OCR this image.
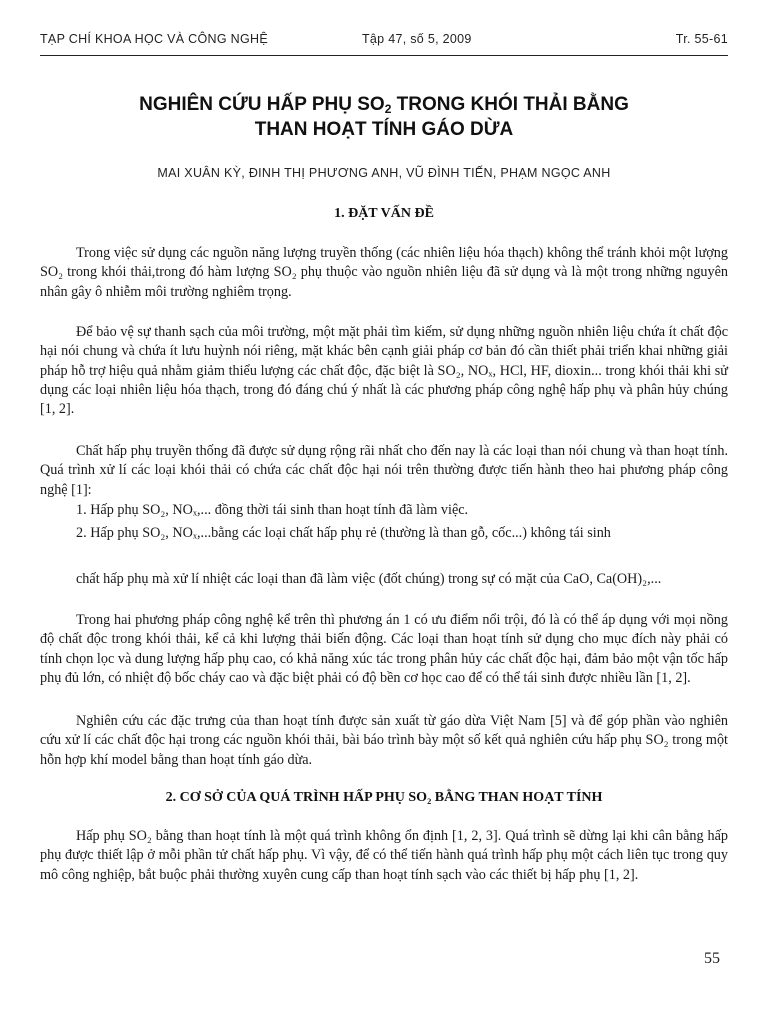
TẠP CHÍ KHOA HỌC VÀ CÔNG NGHỆ	Tập 47, số 5, 2009	Tr. 55-61
NGHIÊN CỨU HẤP PHỤ $SO_2$ TRONG KHÓI THẢI BẰNG
THAN HOẠT TÍNH GÁO DỪA
MAI XUÂN KỲ, ĐINH THỊ PHƯƠNG ANH, VŨ ĐÌNH TIẾN, PHẠM NGỌC ANH
1. ĐẶT VẤN ĐỀ
Trong việc sử dụng các nguồn năng lượng truyền thống (các nhiên liệu hóa thạch) không thể tránh khỏi một lượng SO₂ trong khói thải,trong đó hàm lượng SO₂ phụ thuộc vào nguồn nhiên liệu đã sử dụng và là một trong những nguyên nhân gây ô nhiễm môi trường nghiêm trọng.
Để bảo vệ sự thanh sạch của môi trường, một mặt phải tìm kiếm, sử dụng những nguồn nhiên liệu chứa ít chất độc hại nói chung và chứa ít lưu huỳnh nói riêng, mặt khác bên cạnh giải pháp cơ bản đó cần thiết phải triển khai những giải pháp hỗ trợ hiệu quả nhằm giảm thiểu lượng các chất độc, đặc biệt là SO₂, NOₓ, HCl, HF, dioxin... trong khói thải khi sử dụng các loại nhiên liệu hóa thạch, trong đó đáng chú ý nhất là các phương pháp công nghệ hấp phụ và phân hủy chúng [1, 2].
Chất hấp phụ truyền thống đã được sử dụng rộng rãi nhất cho đến nay là các loại than nói chung và than hoạt tính. Quá trình xử lí các loại khói thải có chứa các chất độc hại nói trên thường được tiến hành theo hai phương pháp công nghệ [1]:
1. Hấp phụ SO₂, NOₓ,... đồng thời tái sinh than hoạt tính đã làm việc.
2. Hấp phụ SO₂, NOₓ,...bằng các loại chất hấp phụ rẻ (thường là than gỗ, cốc...) không tái sinh
chất hấp phụ mà xử lí nhiệt các loại than đã làm việc (đốt chúng) trong sự có mặt của CaO, Ca(OH)₂,...
Trong hai phương pháp công nghệ kể trên thì phương án 1 có ưu điểm nổi trội, đó là có thể áp dụng với mọi nồng độ chất độc trong khói thải, kể cả khi lượng thải biến động. Các loại than hoạt tính sử dụng cho mục đích này phải có tính chọn lọc và dung lượng hấp phụ cao, có khả năng xúc tác trong phân hủy các chất độc hại, đảm bảo một vận tốc hấp phụ đủ lớn, có nhiệt độ bốc cháy cao và đặc biệt phải có độ bền cơ học cao để có thể tái sinh được nhiều lần [1, 2].
Nghiên cứu các đặc trưng của than hoạt tính được sản xuất từ gáo dừa Việt Nam [5] và để góp phần vào nghiên cứu xử lí các chất độc hại trong các nguồn khói thải, bài báo trình bày một số kết quả nghiên cứu hấp phụ SO₂ trong một hỗn hợp khí model bằng than hoạt tính gáo dừa.
2. CƠ SỞ CỦA QUÁ TRÌNH HẤP PHỤ SO₂ BẰNG THAN HOẠT TÍNH
Hấp phụ SO₂ bằng than hoạt tính là một quá trình không ổn định [1, 2, 3]. Quá trình sẽ dừng lại khi cân bằng hấp phụ được thiết lập ở mỗi phần tử chất hấp phụ. Vì vậy, để có thể tiến hành quá trình hấp phụ một cách liên tục trong quy mô công nghiệp, bắt buộc phải thường xuyên cung cấp than hoạt tính sạch vào các thiết bị hấp phụ [1, 2].
55
